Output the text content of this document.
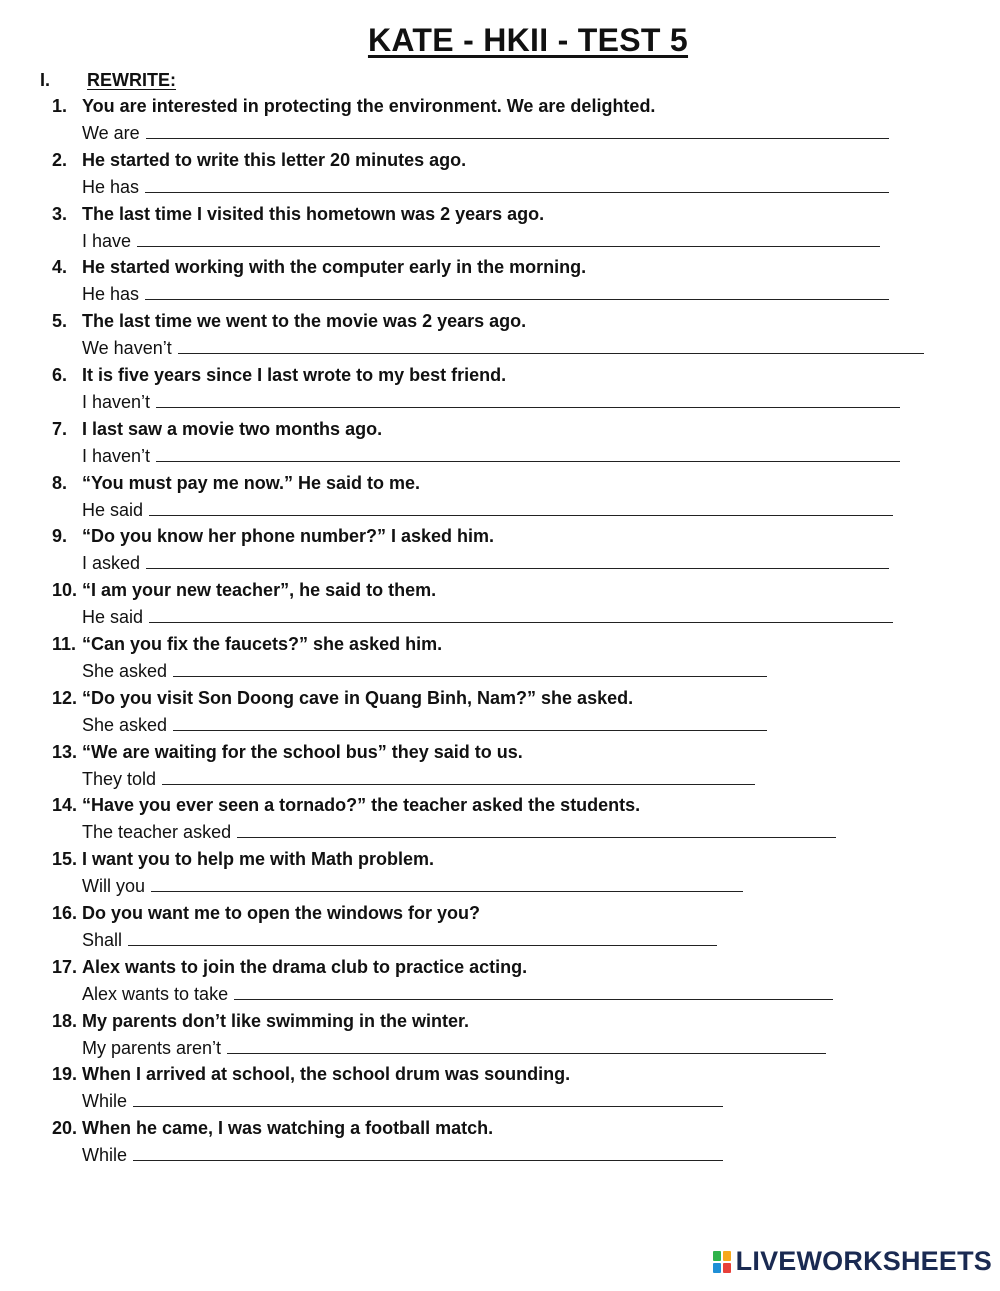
KATE - HKII - TEST 5
I. REWRITE:
1. You are interested in protecting the environment. We are delighted.
We are
2. He started to write this letter 20 minutes ago.
He has
3. The last time I visited this hometown was 2 years ago.
I have
4. He started working with the computer early in the morning.
He has
5. The last time we went to the movie was 2 years ago.
We haven’t
6. It is five years since I last wrote to my best friend.
I haven’t
7. I last saw a movie two months ago.
I haven’t
8. “You must pay me now.” He said to me.
He said
9. “Do you know her phone number?” I asked him.
I asked
10. “I am your new teacher”, he said to them.
He said
11. “Can you fix the faucets?” she asked him.
She asked
12. “Do you visit Son Doong cave in Quang Binh, Nam?” she asked.
She asked
13. “We are waiting for the school bus” they said to us.
They told
14. “Have you ever seen a tornado?” the teacher asked the students.
The teacher asked
15. I want you to help me with Math problem.
Will you
16. Do you want me to open the windows for you?
Shall
17. Alex wants to join the drama club to practice acting.
Alex wants to take
18. My parents don’t like swimming in the winter.
My parents aren’t
19. When I arrived at school, the school drum was sounding.
While
20. When he came, I was watching a football match.
While
LIVEWORKSHEETS
